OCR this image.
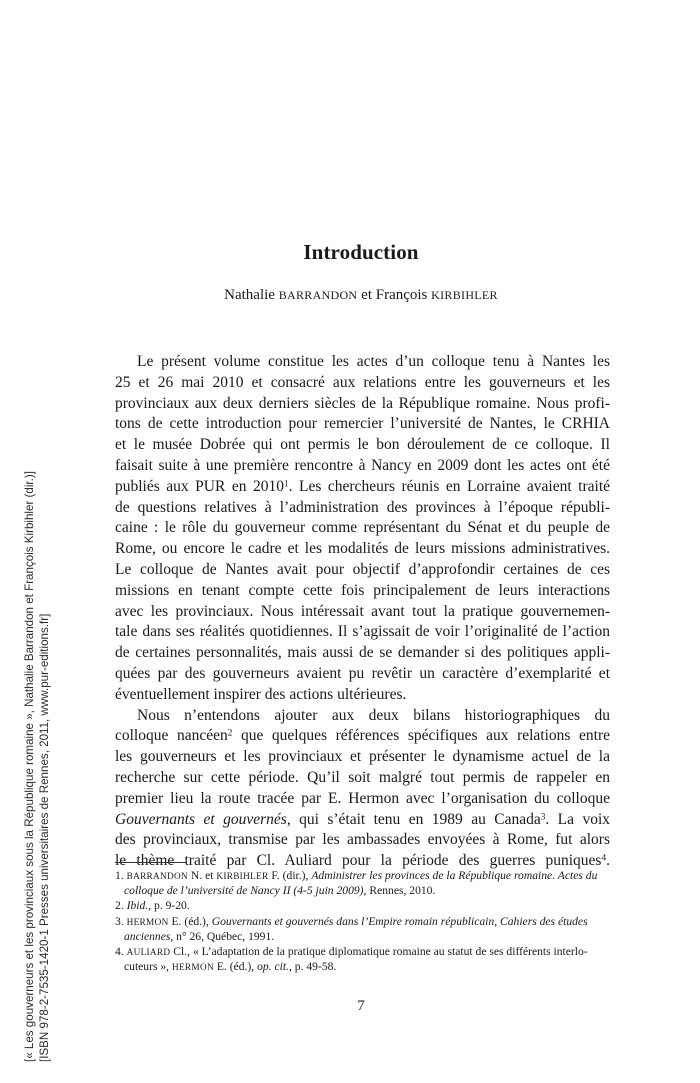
[« Les gouverneurs et les provinciaux sous la République romaine », Nathalie Barrandon et François Kirbihler (dir.)] [ISBN 978-2-7535-1420-1 Presses universitaires de Rennes, 2011, www.pur-editions.fr]
Introduction
Nathalie BARRANDON et François KIRBIHLER
Le présent volume constitue les actes d’un colloque tenu à Nantes les
25 et 26 mai 2010 et consacré aux relations entre les gouverneurs et les
provinciaux aux deux derniers siècles de la République romaine. Nous profi-
tons de cette introduction pour remercier l’université de Nantes, le CRHIA
et le musée Dobrée qui ont permis le bon déroulement de ce colloque. Il
faisait suite à une première rencontre à Nancy en 2009 dont les actes ont été
publiés aux PUR en 2010$^1$. Les chercheurs réunis en Lorraine avaient traité
de questions relatives à l’administration des provinces à l’époque républi-
caine : le rôle du gouverneur comme représentant du Sénat et du peuple de
Rome, ou encore le cadre et les modalités de leurs missions administratives.
Le colloque de Nantes avait pour objectif d’approfondir certaines de ces
missions en tenant compte cette fois principalement de leurs interactions
avec les provinciaux. Nous intéressait avant tout la pratique gouvernemen-
tale dans ses réalités quotidiennes. Il s’agissait de voir l’originalité de l’action
de certaines personnalités, mais aussi de se demander si des politiques appli-
quées par des gouverneurs avaient pu revêtir un caractère d’exemplarité et
éventuellement inspirer des actions ultérieures.
Nous n’entendons ajouter aux deux bilans historiographiques du
colloque nancéen$^2$ que quelques références spécifiques aux relations entre
les gouverneurs et les provinciaux et présenter le dynamisme actuel de la
recherche sur cette période. Qu’il soit malgré tout permis de rappeler en
premier lieu la route tracée par E. Hermon avec l’organisation du colloque
Gouvernants et gouvernés, qui s’était tenu en 1989 au Canada$^3$. La voix
des provinciaux, transmise par les ambassades envoyées à Rome, fut alors
le thème traité par Cl. Auliard pour la période des guerres puniques$^4$.
1. BARRANDON N. et KIRBIHLER F. (dir.), Administrer les provinces de la République romaine. Actes du
colloque de l’université de Nancy II (4-5 juin 2009), Rennes, 2010.
2. Ibid., p. 9-20.
3. HERMON E. (éd.), Gouvernants et gouvernés dans l’Empire romain républicain, Cahiers des études
anciennes, n° 26, Québec, 1991.
4. AULIARD Cl., « L’adaptation de la pratique diplomatique romaine au statut de ses différents interlo-
cuteurs », HERMON E. (éd.), op. cit., p. 49-58.
7
